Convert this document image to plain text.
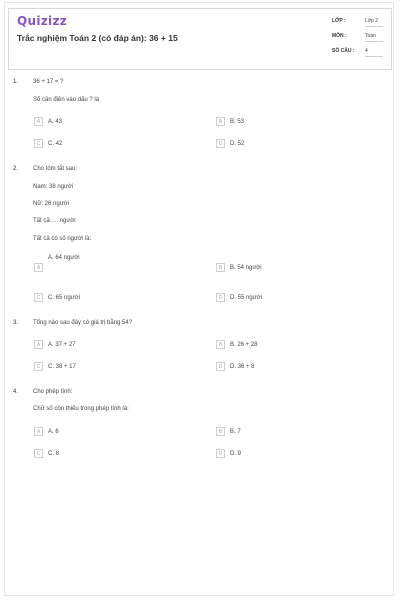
Quizizz
Trắc nghiệm Toán 2 (có đáp án): 36 + 15
LỚP :	Lớp 2
MÔN :	Toán
SỐ CÂU : 4
1. 36 + 17 = ?
Số cần điền vào dấu ? là
A	A. 43	B	B. 53
C	C. 42	D	D. 52
2. Cho tóm tắt sau:
Nam: 38 người
Nữ: 26 người
Tất cả: ... người
Tất cả có số người là:
A
A. 64 người
B	B. 54 người
C	C. 65 người	D	D. 55 người
3. Tổng nào sau đây có giá trị bằng 54?
A	A. 37 + 27	B	B. 26 + 28
C	C. 38 + 17	D	D. 36 + 8
4. Cho phép tính:
Chữ số còn thiếu trong phép tính là:
A	A. 6	B	B. 7
C	C. 8	D	D. 9
